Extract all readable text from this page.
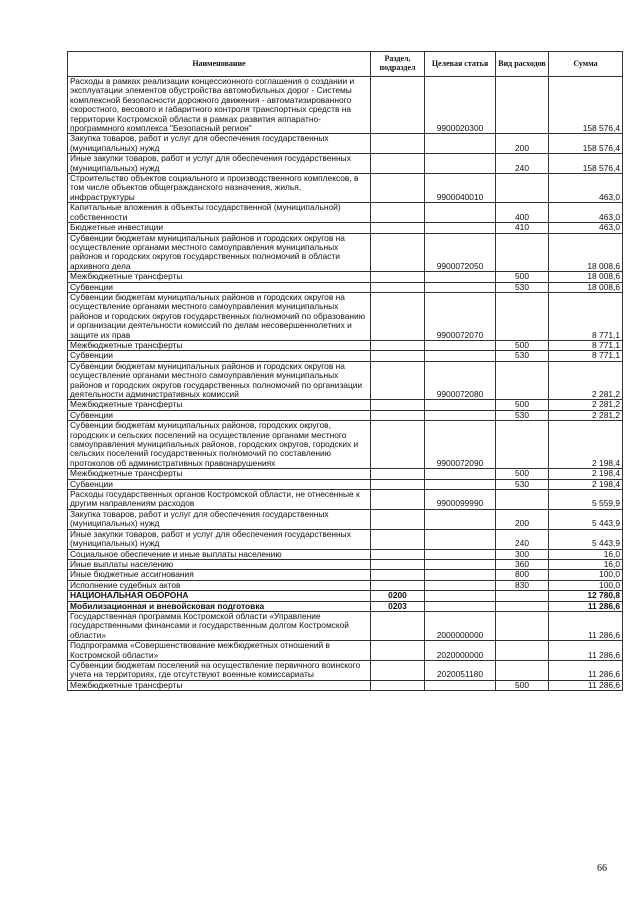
Наименование	Раздел, подраздел	Целевая статья	Вид расходов	Сумма
Расходы в рамках реализации концессионного соглашения о создании и эксплуатации элементов обустройства автомобильных дорог - Системы комплексной безопасности дорожного движения - автоматизированного скоростного, весового и габаритного контроля транспортных средств на территории Костромской области в рамках развития аппаратно-программного комплекса "Безопасный регион"		9900020300		158 576,4
Закупка товаров, работ и услуг для обеспечения государственных (муниципальных) нужд			200	158 576,4
Иные закупки товаров, работ и услуг для обеспечения государственных (муниципальных) нужд			240	158 576,4
Строительство объектов социального и производственного комплексов, в том числе объектов общегражданского назначения, жилья, инфраструктуры		9900040010		463,0
Капитальные вложения в объекты государственной (муниципальной) собственности			400	463,0
Бюджетные инвестиции			410	463,0
Субвенции бюджетам муниципальных районов и городских округов на осуществление органами местного самоуправления муниципальных районов и городских округов государственных полномочий в области архивного дела		9900072050		18 008,6
Межбюджетные трансферты			500	18 008,6
Субвенции			530	18 008,6
Субвенции бюджетам муниципальных районов и городских округов на осуществление органами местного самоуправления муниципальных районов и городских округов государственных полномочий по образованию и организации деятельности комиссий по делам несовершеннолетних и защите их прав		9900072070		8 771,1
Межбюджетные трансферты			500	8 771,1
Субвенции			530	8 771,1
Субвенции бюджетам муниципальных районов и городских округов на осуществление органами местного самоуправления муниципальных районов и городских округов государственных полномочий по организации деятельности административных комиссий		9900072080		2 281,2
Межбюджетные трансферты			500	2 281,2
Субвенции			530	2 281,2
Субвенции бюджетам муниципальных районов, городских округов, городских и сельских поселений на осуществление органами местного самоуправления муниципальных районов, городских округов, городских и сельских поселений государственных полномочий по составлению протоколов об административных правонарушениях		9900072090		2 198,4
Межбюджетные трансферты			500	2 198,4
Субвенции			530	2 198,4
Расходы государственных органов Костромской области, не отнесенные к другим направлениям расходов		9900099990		5 559,9
Закупка товаров, работ и услуг для обеспечения государственных (муниципальных) нужд			200	5 443,9
Иные закупки товаров, работ и услуг для обеспечения государственных (муниципальных) нужд			240	5 443,9
Социальное обеспечение и иные выплаты населению			300	16,0
Иные выплаты населению			360	16,0
Иные бюджетные ассигнования			800	100,0
Исполнение судебных актов			830	100,0
НАЦИОНАЛЬНАЯ ОБОРОНА	0200			12 780,8
Мобилизационная и вневойсковая подготовка	0203			11 286,6
Государственная программа Костромской области «Управление государственными финансами и государственным долгом Костромской области»		2000000000		11 286,6
Подпрограмма «Совершенствование межбюджетных отношений в Костромской области»		2020000000		11 286,6
Субвенции бюджетам поселений на осуществление первичного воинского учета на территориях, где отсутствуют военные комиссариаты		2020051180		11 286,6
Межбюджетные трансферты			500	11 286,6
66
